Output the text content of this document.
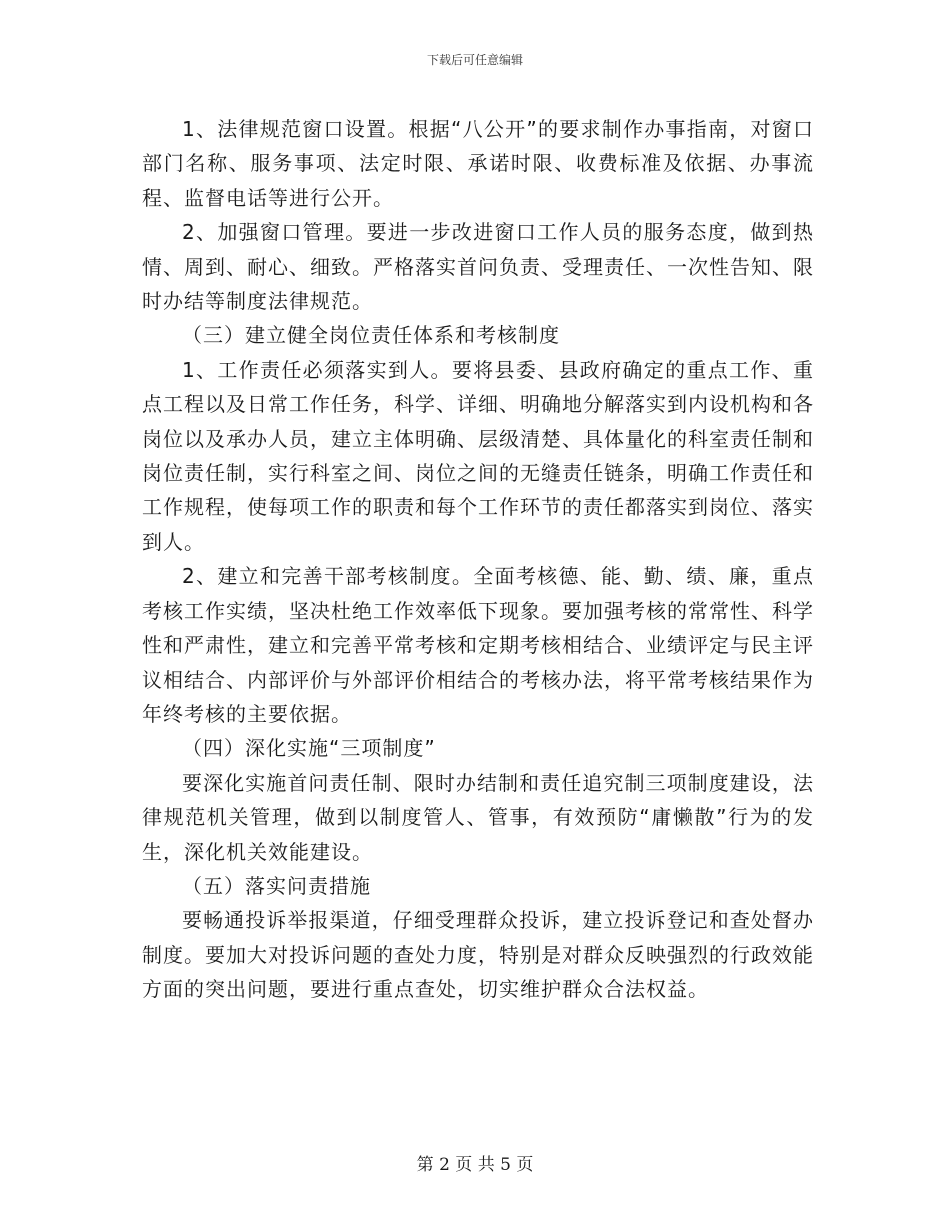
下载后可任意编辑

1、法律规范窗口设置。根据“八公开”的要求制作办事指南，对窗口部门名称、服务事项、法定时限、承诺时限、收费标准及依据、办事流程、监督电话等进行公开。

2、加强窗口管理。要进一步改进窗口工作人员的服务态度，做到热情、周到、耐心、细致。严格落实首问负责、受理责任、一次性告知、限时办结等制度法律规范。

（三）建立健全岗位责任体系和考核制度

1、工作责任必须落实到人。要将县委、县政府确定的重点工作、重点工程以及日常工作任务，科学、详细、明确地分解落实到内设机构和各岗位以及承办人员，建立主体明确、层级清楚、具体量化的科室责任制和岗位责任制，实行科室之间、岗位之间的无缝责任链条，明确工作责任和工作规程，使每项工作的职责和每个工作环节的责任都落实到岗位、落实到人。

2、建立和完善干部考核制度。全面考核德、能、勤、绩、廉，重点考核工作实绩，坚决杜绝工作效率低下现象。要加强考核的常常性、科学性和严肃性，建立和完善平常考核和定期考核相结合、业绩评定与民主评议相结合、内部评价与外部评价相结合的考核办法，将平常考核结果作为年终考核的主要依据。

（四）深化实施“三项制度”

要深化实施首问责任制、限时办结制和责任追究制三项制度建设，法律规范机关管理，做到以制度管人、管事，有效预防“庸懒散”行为的发生，深化机关效能建设。

（五）落实问责措施

要畅通投诉举报渠道，仔细受理群众投诉，建立投诉登记和查处督办制度。要加大对投诉问题的查处力度，特别是对群众反映强烈的行政效能方面的突出问题，要进行重点查处，切实维护群众合法权益。

第 2 页 共 5 页
